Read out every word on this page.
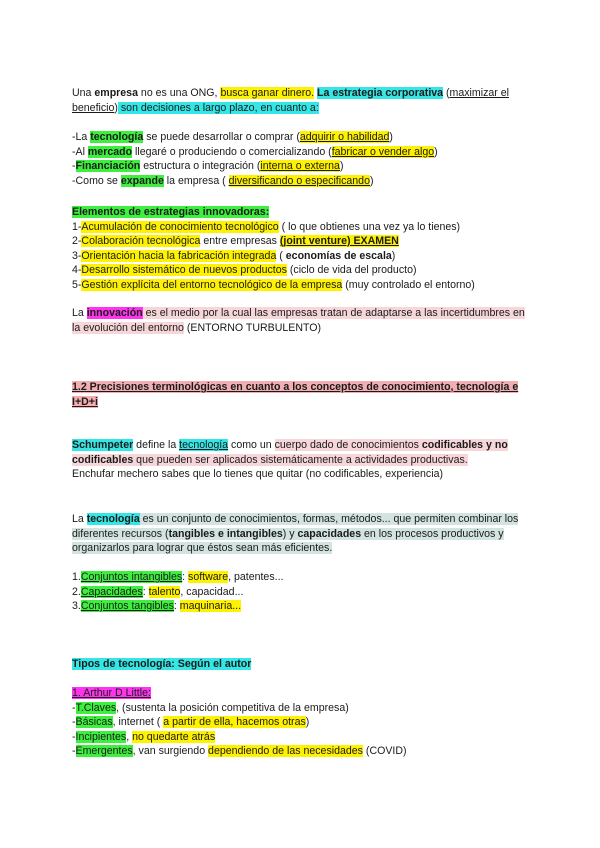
Una empresa no es una ONG, busca ganar dinero. La estrategia corporativa (maximizar el beneficio) son decisiones a largo plazo, en cuanto a:

-La tecnología se puede desarrollar o comprar (adquirir o habilidad)
-Al mercado llegaré o produciendo o comercializando (fabricar o vender algo)
-Financiación estructura o integración (interna o externa)
-Como se expande la empresa ( diversificando o especificando)
Elementos de estrategias innovadoras:
1-Acumulación de conocimiento tecnológico ( lo que obtienes una vez ya lo tienes)
2-Colaboración tecnológica entre empresas (joint venture) EXAMEN
3-Orientación hacia la fabricación integrada ( economías de escala)
4-Desarrollo sistemático de nuevos productos (ciclo de vida del producto)
5-Gestión explícita del entorno tecnológico de la empresa (muy controlado el entorno)

La innovación es el medio por la cual las empresas tratan de adaptarse a las incertidumbres en la evolución del entorno (ENTORNO TURBULENTO)

1.2 Precisiones terminológicas en cuanto a los conceptos de conocimiento, tecnología e I+D+i

Schumpeter define la tecnología como un cuerpo dado de conocimientos codificables y no codificables que pueden ser aplicados sistemáticamente a actividades productivas.
Enchufar mechero sabes que lo tienes que quitar (no codificables, experiencia)

La tecnología es un conjunto de conocimientos, formas, métodos... que permiten combinar los diferentes recursos (tangibles e intangibles) y capacidades en los procesos productivos y organizarlos para lograr que éstos sean más eficientes.

1.Conjuntos intangibles: software, patentes...
2.Capacidades: talento, capacidad...
3.Conjuntos tangibles: maquinaria...

Tipos de tecnología: Según el autor

1. Arthur D Little:
-T.Claves, (sustenta la posición competitiva de la empresa)
-Básicas, internet ( a partir de ella, hacemos otras)
-Incipientes, no quedarte atrás
-Emergentes, van surgiendo dependiendo de las necesidades (COVID)
